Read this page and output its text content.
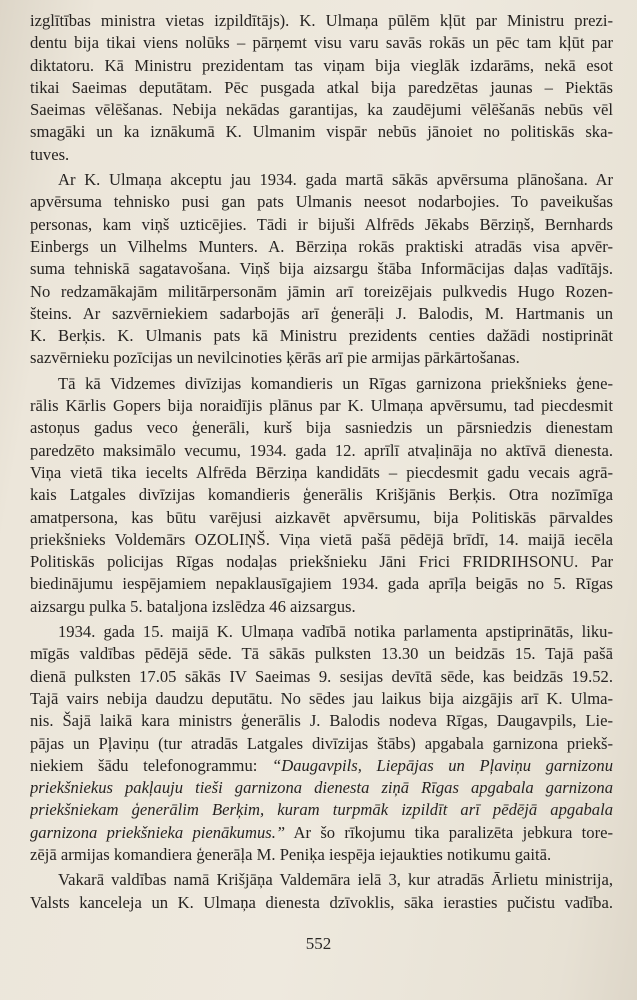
izglītības ministra vietas izpildītājs). K. Ulmaņa pūlēm kļūt par Ministru prezi-
dentu bija tikai viens nolūks – pārņemt visu varu savās rokās un pēc tam kļūt par
diktatoru. Kā Ministru prezidentam tas viņam bija vieglāk izdarāms, nekā esot
tikai Saeimas deputātam. Pēc pusgada atkal bija paredzētas jaunas – Piektās
Saeimas vēlēšanas. Nebija nekādas garantijas, ka zaudējumi vēlēšanās nebūs vēl
smagāki un ka iznākumā K. Ulmanim vispār nebūs jānoiet no politiskās ska-
tuves.
Ar K. Ulmaņa akceptu jau 1934. gada martā sākās apvērsuma plānošana. Ar
apvērsuma tehnisko pusi gan pats Ulmanis neesot nodarbojies. To paveikušas
personas, kam viņš uzticējies. Tādi ir bijuši Alfrēds Jēkabs Bērziņš, Bernhards
Einbergs un Vilhelms Munters. A. Bērziņa rokās praktiski atradās visa apvēr-
suma tehniskā sagatavošana. Viņš bija aizsargu štāba Informācijas daļas vadītājs.
No redzamākajām militārpersonām jāmin arī toreizējais pulkvedis Hugo Rozen-
šteins. Ar sazvērniekiem sadarbojās arī ģenerāļi J. Balodis, M. Hartmanis un
K. Berķis. K. Ulmanis pats kā Ministru prezidents centies dažādi nostiprināt
sazvērnieku pozīcijas un nevilcinoties ķērās arī pie armijas pārkārtošanas.
Tā kā Vidzemes divīzijas komandieris un Rīgas garnizona priekšnieks ģene-
rālis Kārlis Gopers bija noraidījis plānus par K. Ulmaņa apvērsumu, tad piecdesmit
astoņus gadus veco ģenerāli, kurš bija sasniedzis un pārsniedzis dienestam
paredzēto maksimālo vecumu, 1934. gada 12. aprīlī atvaļināja no aktīvā dienesta.
Viņa vietā tika iecelts Alfrēda Bērziņa kandidāts – piecdesmit gadu vecais agrā-
kais Latgales divīzijas komandieris ģenerālis Krišjānis Berķis. Otra nozīmīga
amatpersona, kas būtu varējusi aizkavēt apvērsumu, bija Politiskās pārvaldes
priekšnieks Voldemārs OZOLIŅŠ. Viņa vietā pašā pēdējā brīdī, 14. maijā iecēla
Politiskās policijas Rīgas nodaļas priekšnieku Jāni Frici FRIDRIHSONU. Par
biedinājumu iespējamiem nepaklausīgajiem 1934. gada aprīļa beigās no 5. Rīgas
aizsargu pulka 5. bataljona izslēdza 46 aizsargus.
1934. gada 15. maijā K. Ulmaņa vadībā notika parlamenta apstiprinātās, liku-
mīgās valdības pēdējā sēde. Tā sākās pulksten 13.30 un beidzās 15. Tajā pašā
dienā pulksten 17.05 sākās IV Saeimas 9. sesijas devītā sēde, kas beidzās 19.52.
Tajā vairs nebija daudzu deputātu. No sēdes jau laikus bija aizgājis arī K. Ulma-
nis. Šajā laikā kara ministrs ģenerālis J. Balodis nodeva Rīgas, Daugavpils, Lie-
pājas un Pļaviņu (tur atradās Latgales divīzijas štābs) apgabala garnizona priekš-
niekiem šādu telefonogrammu: “Daugavpils, Liepājas un Pļaviņu garnizonu
priekšniekus pakļauju tieši garnizona dienesta ziņā Rīgas apgabala garnizona
priekšniekam ģenerālim Berķim, kuram turpmāk izpildīt arī pēdējā apgabala
garnizona priekšnieka pienākumus.” Ar šo rīkojumu tika paralizēta jebkura tore-
zējā armijas komandiera ģenerāļa M. Peniķa iespēja iejaukties notikumu gaitā.
Vakarā valdības namā Krišjāņa Valdemāra ielā 3, kur atradās Ārlietu ministrija,
Valsts kanceleja un K. Ulmaņa dienesta dzīvoklis, sāka ierasties pučistu vadība.
552
